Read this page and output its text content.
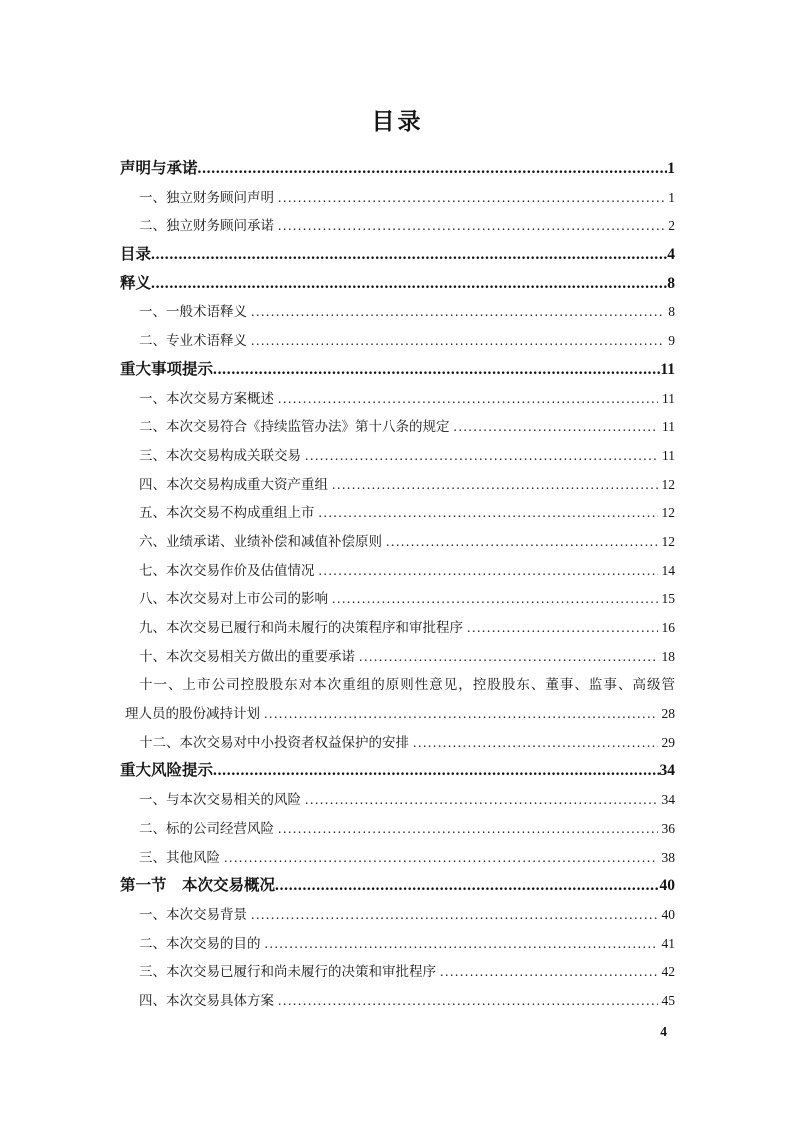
目录
声明与承诺 .....	1
一、独立财务顾问声明 .....	1
二、独立财务顾问承诺 .....	2
目录 .....	4
释义 .....	8
一、一般术语释义 .....	8
二、专业术语释义 .....	9
重大事项提示 .....	11
一、本次交易方案概述 .....	11
二、本次交易符合《持续监管办法》第十八条的规定 .....	11
三、本次交易构成关联交易 .....	11
四、本次交易构成重大资产重组 .....	12
五、本次交易不构成重组上市 .....	12
六、业绩承诺、业绩补偿和减值补偿原则 .....	12
七、本次交易作价及估值情况 .....	14
八、本次交易对上市公司的影响 .....	15
九、本次交易已履行和尚未履行的决策程序和审批程序 .....	16
十、本次交易相关方做出的重要承诺 .....	18
十一、上市公司控股股东对本次重组的原则性意见，控股股东、董事、监事、高级管
理人员的股份减持计划 .....	28
十二、本次交易对中小投资者权益保护的安排 .....	29
重大风险提示 .....	34
一、与本次交易相关的风险 .....	34
二、标的公司经营风险 .....	36
三、其他风险 .....	38
第一节　本次交易概况 .....	40
一、本次交易背景 .....	40
二、本次交易的目的 .....	41
三、本次交易已履行和尚未履行的决策和审批程序 .....	42
四、本次交易具体方案 .....	45
4
